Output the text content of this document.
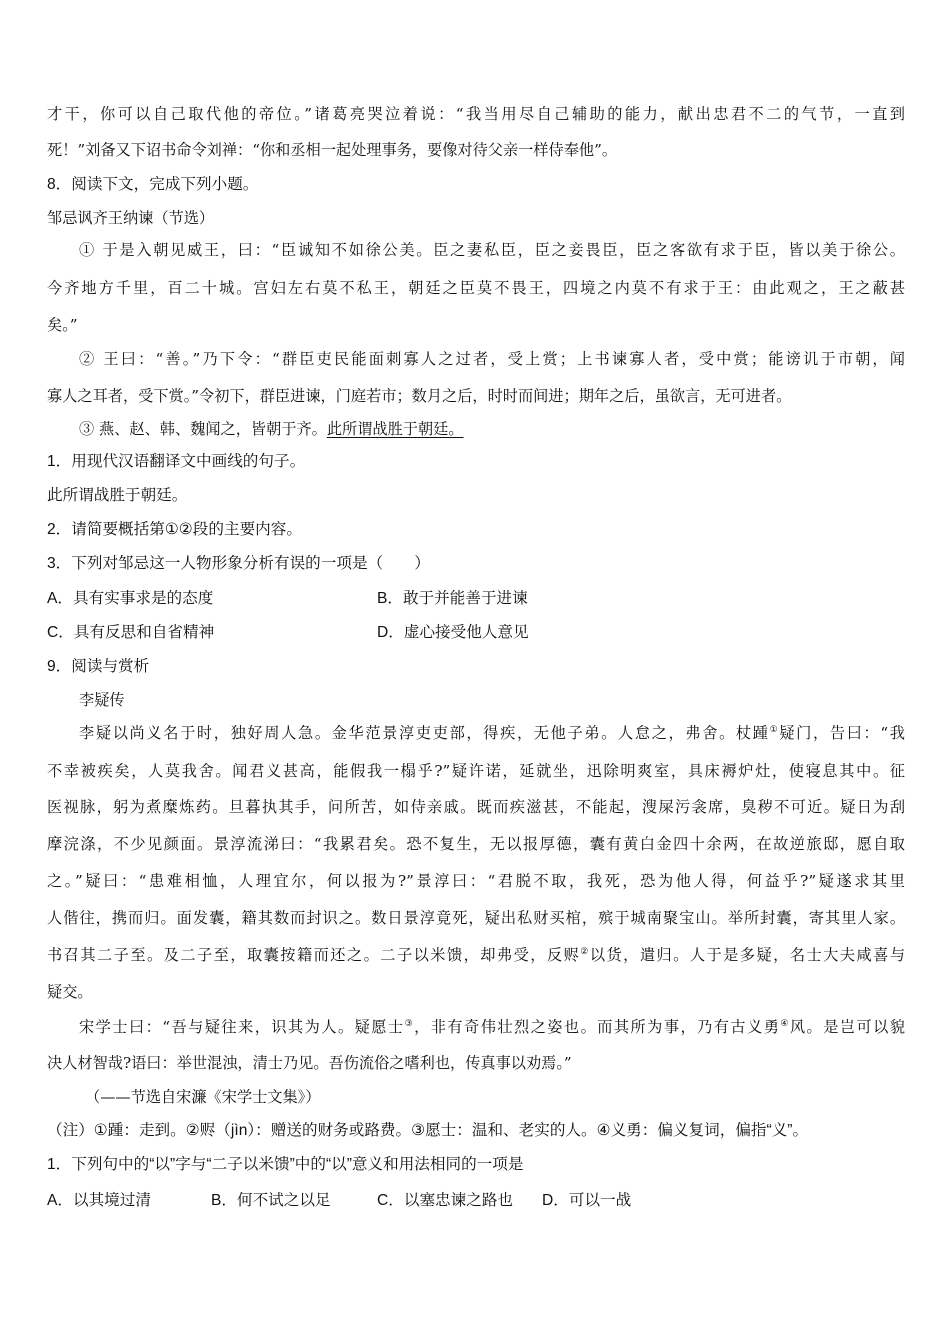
才干，你可以自己取代他的帝位。”诸葛亮哭泣着说：“我当用尽自己辅助的能力，献出忠君不二的气节，一直到
死！”刘备又下诏书命令刘禅：“你和丞相一起处理事务，要像对待父亲一样侍奉他”。
8．阅读下文，完成下列小题。
邹忌讽齐王纳谏（节选）
① 于是入朝见威王，曰：“臣诚知不如徐公美。臣之妻私臣，臣之妾畏臣，臣之客欲有求于臣，皆以美于徐公。
今齐地方千里，百二十城。宫妇左右莫不私王，朝廷之臣莫不畏王，四境之内莫不有求于王：由此观之，王之蔽甚
矣。”
② 王曰：“善。”乃下令：“群臣吏民能面刺寡人之过者，受上赏；上书谏寡人者，受中赏；能谤讥于市朝，闻
寡人之耳者，受下赏。”令初下，群臣进谏，门庭若市；数月之后，时时而间进；期年之后，虽欲言，无可进者。
③ 燕、赵、韩、魏闻之，皆朝于齐。此所谓战胜于朝廷。
1．用现代汉语翻译文中画线的句子。
此所谓战胜于朝廷。
2．请简要概括第①②段的主要内容。
3．下列对邹忌这一人物形象分析有误的一项是（　　）
A．具有实事求是的态度	B．敢于并能善于进谏
C．具有反思和自省精神	D．虚心接受他人意见
9．阅读与赏析
李疑传
李疑以尚义名于时，独好周人急。金华范景淳吏吏部，得疾，无他子弟。人怠之，弗舍。杖踵①疑门，告曰：“我
不幸被疾矣，人莫我舍。闻君义甚高，能假我一榻乎?”疑许诺，延就坐，迅除明爽室，具床褥炉灶，使寝息其中。征
医视脉，躬为煮糜炼药。旦暮执其手，问所苦，如侍亲戚。既而疾滋甚，不能起，溲屎污衾席，臭秽不可近。疑日为刮
摩浣涤，不少见颜面。景淳流涕曰：“我累君矣。恐不复生，无以报厚德，囊有黄白金四十余两，在故逆旅邸，愿自取
之。”疑曰：“患难相恤，人理宜尔，何以报为?”景淳曰：“君脱不取，我死，恐为他人得，何益乎?”疑遂求其里
人偕往，携而归。面发囊，籍其数而封识之。数日景淳竟死，疑出私财买棺，殡于城南聚宝山。举所封囊，寄其里人家。
书召其二子至。及二子至，取囊按籍而还之。二子以米馈，却弗受，反赆②以货，遣归。人于是多疑，名士大夫咸喜与
疑交。
宋学士曰：“吾与疑往来，识其为人。疑愿士③，非有奇伟壮烈之姿也。而其所为事，乃有古义勇④风。是岂可以貌
决人材智哉?语曰：举世混浊，清士乃见。吾伤流俗之嗜利也，传真事以劝焉。”
（——节选自宋濂《宋学士文集》）
（注）①踵：走到。②赆（jìn）：赠送的财务或路费。③愿士：温和、老实的人。④义勇：偏义复词，偏指“义”。
1．下列句中的“以”字与“二子以米馈”中的“以”意义和用法相同的一项是
A．以其境过清	B．何不试之以足	C．以塞忠谏之路也 D．可以一战
